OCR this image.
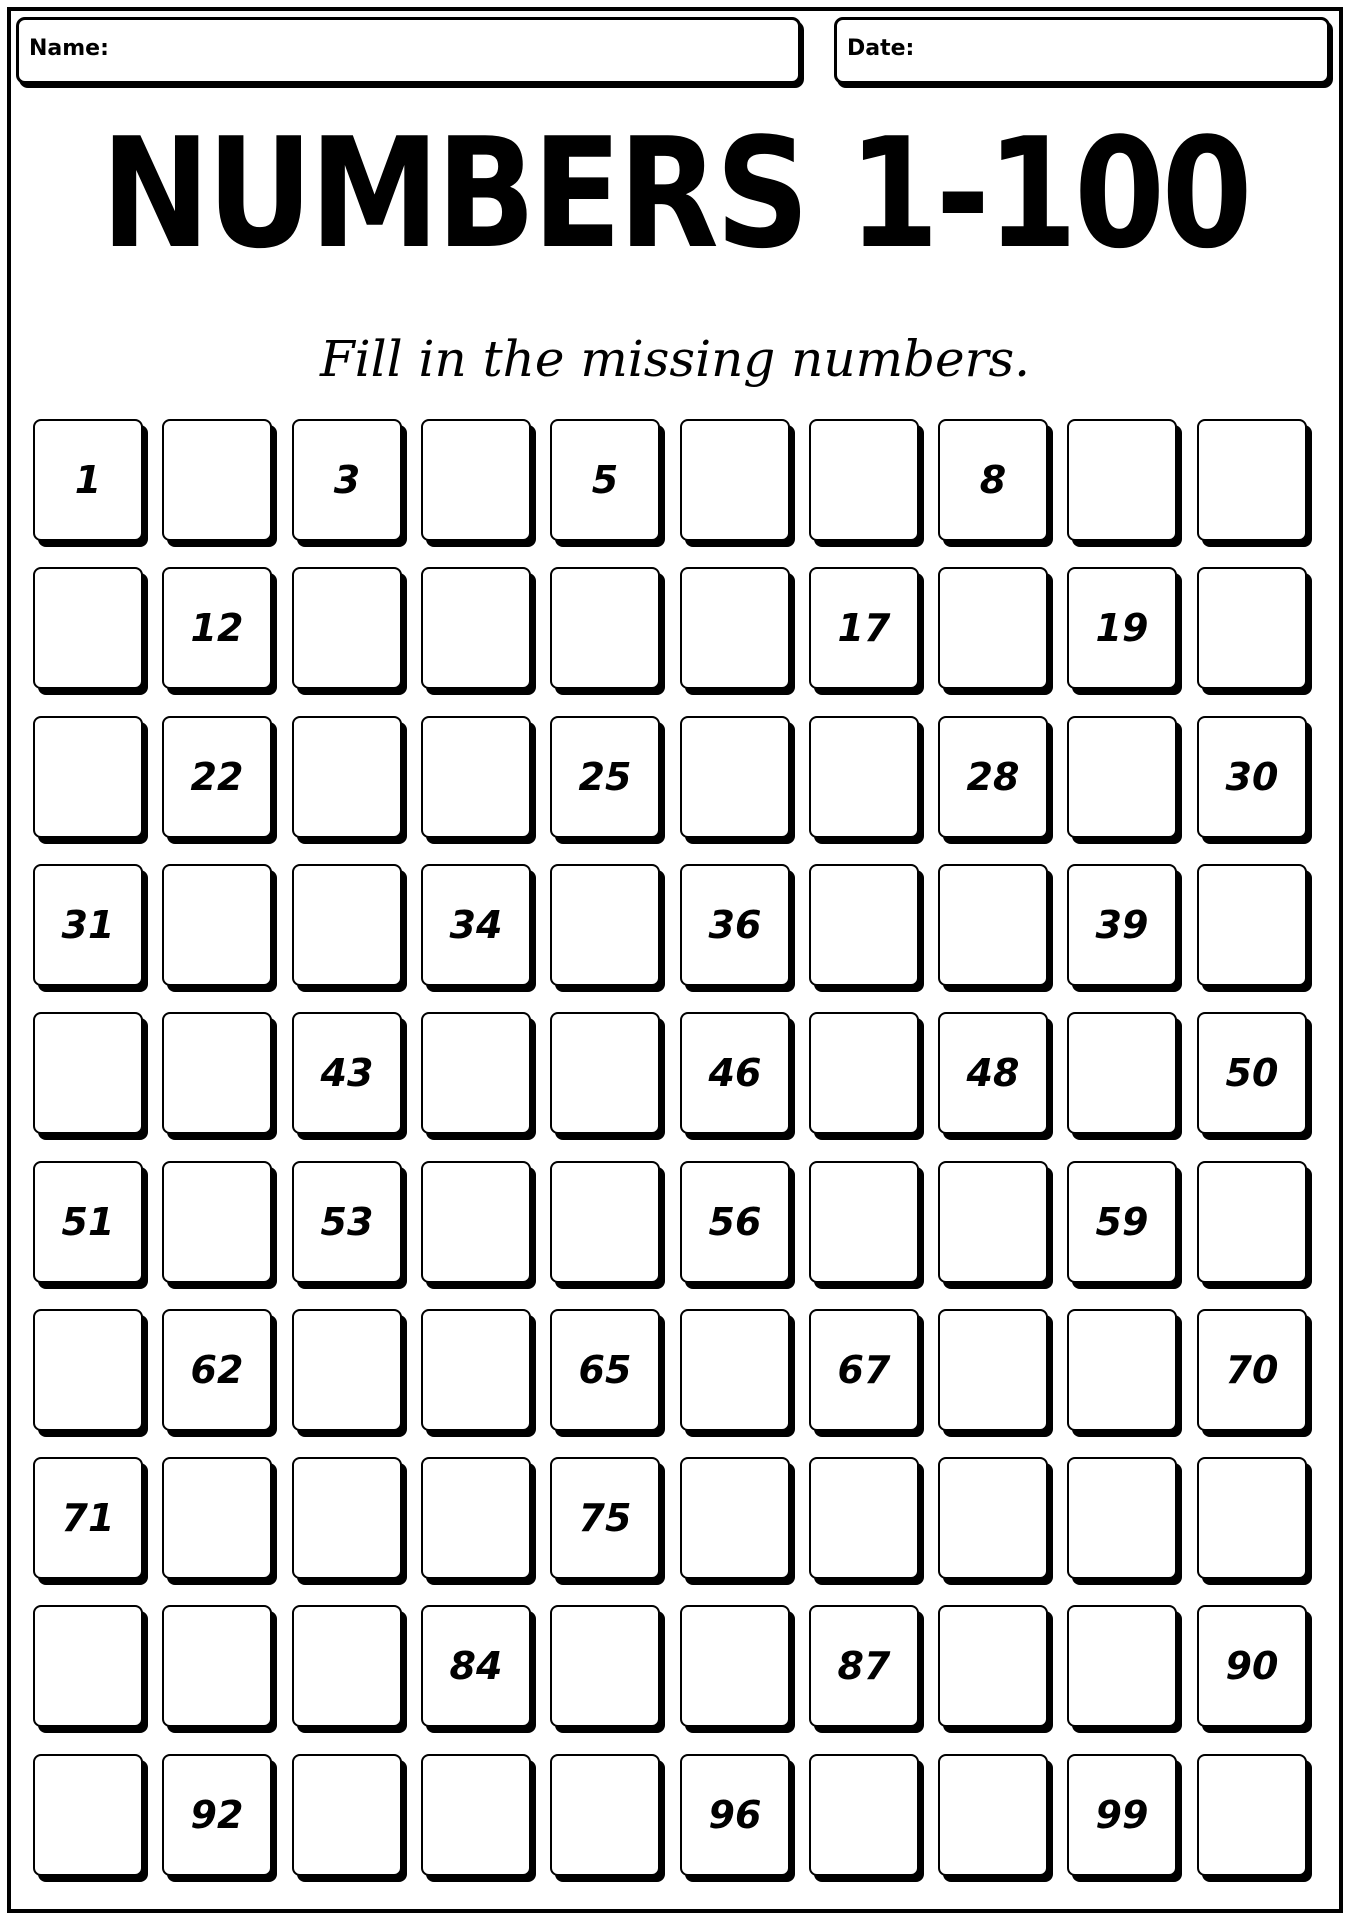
Name:	Date:
NUMBERS 1-100
Fill in the missing numbers.
1	3	5	8
12	17	19
22	25	28	30
31	34	36	39
43	46	48	50
51	53	56	59
62	65	67	70
71	75
84	87	90
92	96	99
